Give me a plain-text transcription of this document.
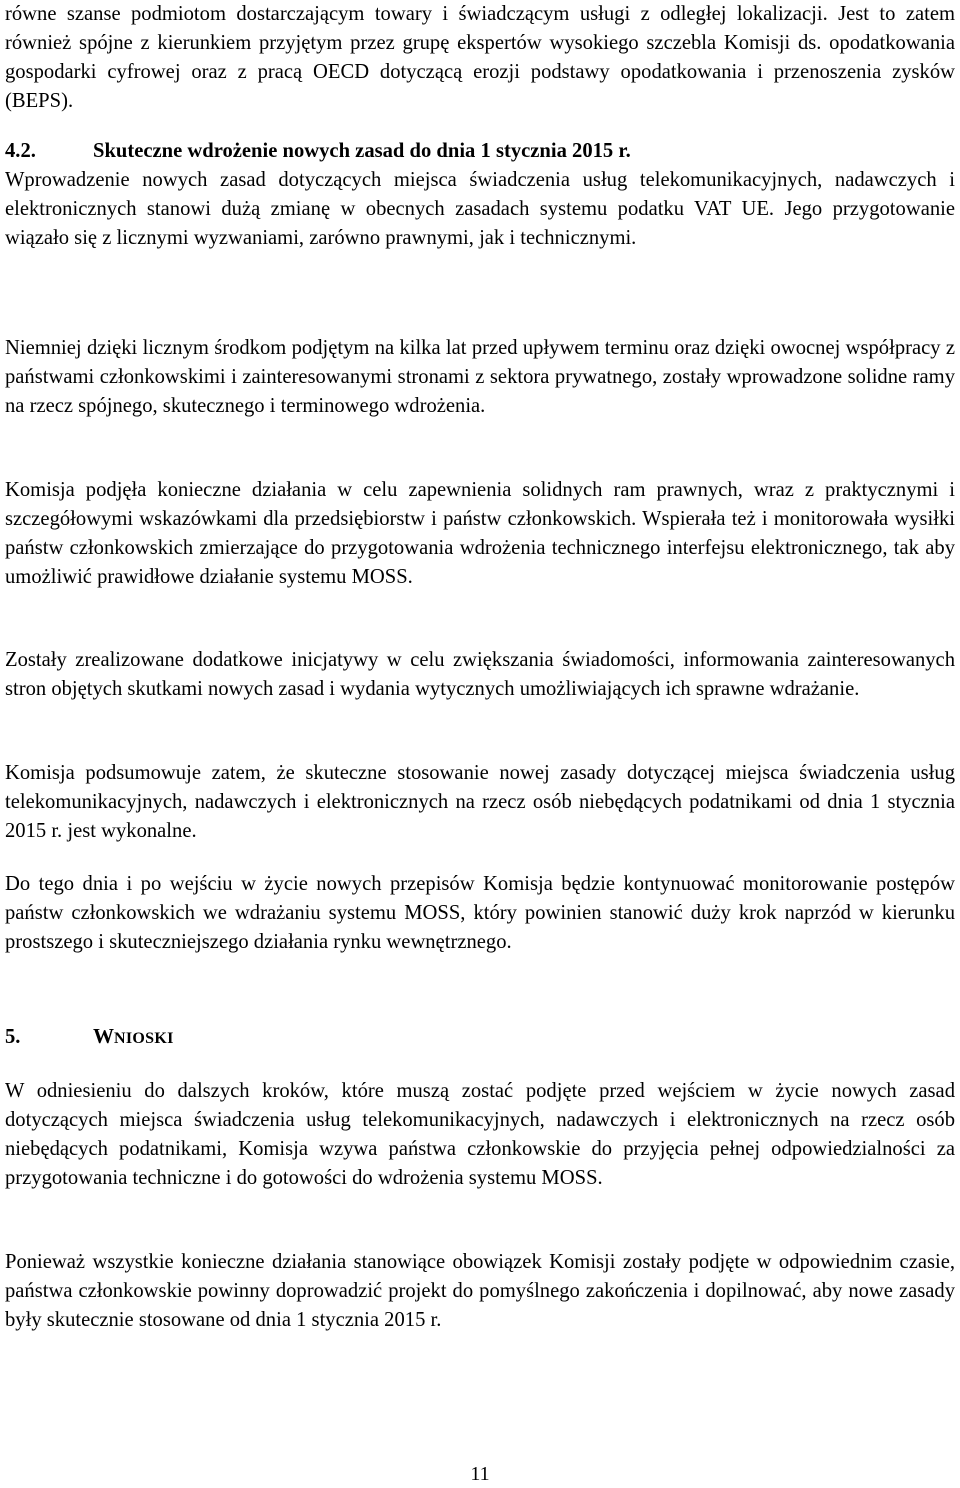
równe szanse podmiotom dostarczającym towary i świadczącym usługi z odległej lokalizacji. Jest to zatem również spójne z kierunkiem przyjętym przez grupę ekspertów wysokiego szczebla Komisji ds. opodatkowania gospodarki cyfrowej oraz z pracą OECD dotyczącą erozji podstawy opodatkowania i przenoszenia zysków (BEPS).

4.2.	Skuteczne wdrożenie nowych zasad do dnia 1 stycznia 2015 r.

Wprowadzenie nowych zasad dotyczących miejsca świadczenia usług telekomunikacyjnych, nadawczych i elektronicznych stanowi dużą zmianę w obecnych zasadach systemu podatku VAT UE. Jego przygotowanie wiązało się z licznymi wyzwaniami, zarówno prawnymi, jak i technicznymi.

Niemniej dzięki licznym środkom podjętym na kilka lat przed upływem terminu oraz dzięki owocnej współpracy z państwami członkowskimi i zainteresowanymi stronami z sektora prywatnego, zostały wprowadzone solidne ramy na rzecz spójnego, skutecznego i terminowego wdrożenia.

Komisja podjęła konieczne działania w celu zapewnienia solidnych ram prawnych, wraz z praktycznymi i szczegółowymi wskazówkami dla przedsiębiorstw i państw członkowskich. Wspierała też i monitorowała wysiłki państw członkowskich zmierzające do przygotowania wdrożenia technicznego interfejsu elektronicznego, tak aby umożliwić prawidłowe działanie systemu MOSS.

Zostały zrealizowane dodatkowe inicjatywy w celu zwiększania świadomości, informowania zainteresowanych stron objętych skutkami nowych zasad i wydania wytycznych umożliwiających ich sprawne wdrażanie.

Komisja podsumowuje zatem, że skuteczne stosowanie nowej zasady dotyczącej miejsca świadczenia usług telekomunikacyjnych, nadawczych i elektronicznych na rzecz osób niebędących podatnikami od dnia 1 stycznia 2015 r. jest wykonalne.

Do tego dnia i po wejściu w życie nowych przepisów Komisja będzie kontynuować monitorowanie postępów państw członkowskich we wdrażaniu systemu MOSS, który powinien stanowić duży krok naprzód w kierunku prostszego i skuteczniejszego działania rynku wewnętrznego.

5.	WNIOSKI

W odniesieniu do dalszych kroków, które muszą zostać podjęte przed wejściem w życie nowych zasad dotyczących miejsca świadczenia usług telekomunikacyjnych, nadawczych i elektronicznych na rzecz osób niebędących podatnikami, Komisja wzywa państwa członkowskie do przyjęcia pełnej odpowiedzialności za przygotowania techniczne i do gotowości do wdrożenia systemu MOSS.

Ponieważ wszystkie konieczne działania stanowiące obowiązek Komisji zostały podjęte w odpowiednim czasie, państwa członkowskie powinny doprowadzić projekt do pomyślnego zakończenia i dopilnować, aby nowe zasady były skutecznie stosowane od dnia 1 stycznia 2015 r.

11
